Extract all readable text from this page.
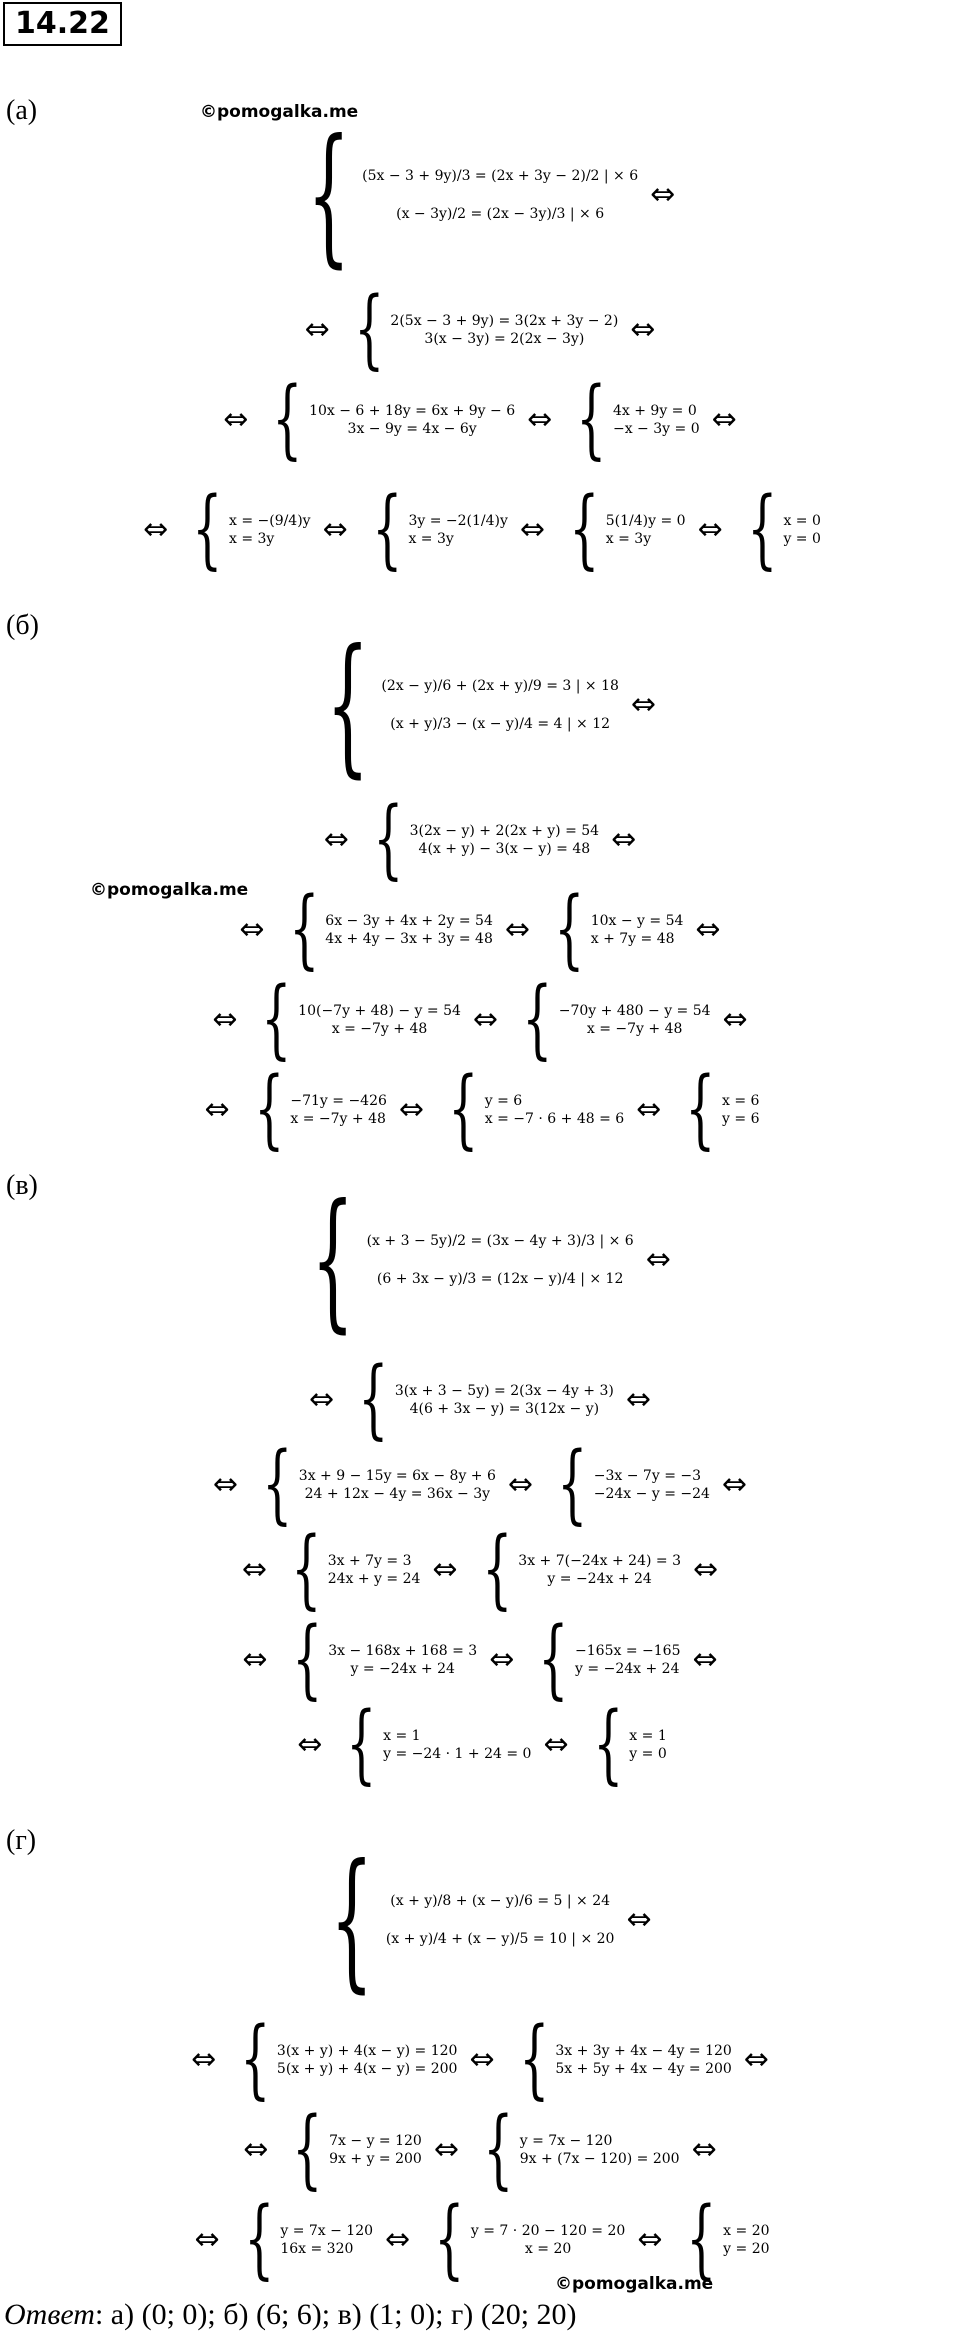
14.22
©pomogalka.me
©pomogalka.me
©pomogalka.me
(а) { (5x − 3 + 9y)/3 = (2x + 3y − 2)/2 | × 6
(x − 3y)/2 = (2x − 3y)/3 | × 6
⇔
⇔ { 2(5x − 3 + 9y) = 3(2x + 3y − 2)
3(x − 3y) = 2(2x − 3y) ⇔
⇔ { 10x − 6 + 18y = 6x + 9y − 6
3x − 9y = 4x − 6y ⇔ { 4x + 9y = 0
−x − 3y = 0 ⇔
⇔ { x = −(9/4)y
x = 3y ⇔ { 3y = −2(1/4)y
x = 3y ⇔ { 5(1/4)y = 0
x = 3y ⇔ { x = 0
y = 0
(б) { (2x − y)/6 + (2x + y)/9 = 3 | × 18
(x + y)/3 − (x − y)/4 = 4 | × 12
⇔
⇔ { 3(2x − y) + 2(2x + y) = 54
4(x + y) − 3(x − y) = 48 ⇔
⇔ { 6x − 3y + 4x + 2y = 54
4x + 4y − 3x + 3y = 48 ⇔ { 10x − y = 54
x + 7y = 48 ⇔
⇔ { 10(−7y + 48) − y = 54
x = −7y + 48 ⇔ { −70y + 480 − y = 54
x = −7y + 48 ⇔
⇔ { −71y = −426
x = −7y + 48 ⇔ { y = 6
x = −7 · 6 + 48 = 6 ⇔ { x = 6
y = 6
(в) { (x + 3 − 5y)/2 = (3x − 4y + 3)/3 | × 6
(6 + 3x − y)/3 = (12x − y)/4 | × 12
⇔
⇔ { 3(x + 3 − 5y) = 2(3x − 4y + 3)
4(6 + 3x − y) = 3(12x − y) ⇔
⇔ { 3x + 9 − 15y = 6x − 8y + 6
24 + 12x − 4y = 36x − 3y ⇔ { −3x − 7y = −3
−24x − y = −24 ⇔
⇔ { 3x + 7y = 3
24x + y = 24 ⇔ { 3x + 7(−24x + 24) = 3
y = −24x + 24 ⇔
⇔ { 3x − 168x + 168 = 3
y = −24x + 24 ⇔ { −165x = −165
y = −24x + 24 ⇔
⇔ { x = 1
y = −24 · 1 + 24 = 0 ⇔ { x = 1
y = 0
(г) { (x + y)/8 + (x − y)/6 = 5 | × 24
(x + y)/4 + (x − y)/5 = 10 | × 20
⇔
⇔ { 3(x + y) + 4(x − y) = 120
5(x + y) + 4(x − y) = 200 ⇔ { 3x + 3y + 4x − 4y = 120
5x + 5y + 4x − 4y = 200 ⇔
⇔ { 7x − y = 120
9x + y = 200 ⇔ { y = 7x − 120
9x + (7x − 120) = 200 ⇔
⇔ { y = 7x − 120
16x = 320 ⇔ { y = 7 · 20 − 120 = 20
x = 20 ⇔ { x = 20
y = 20
Ответ: а) (0; 0); б) (6; 6); в) (1; 0); г) (20; 20)
